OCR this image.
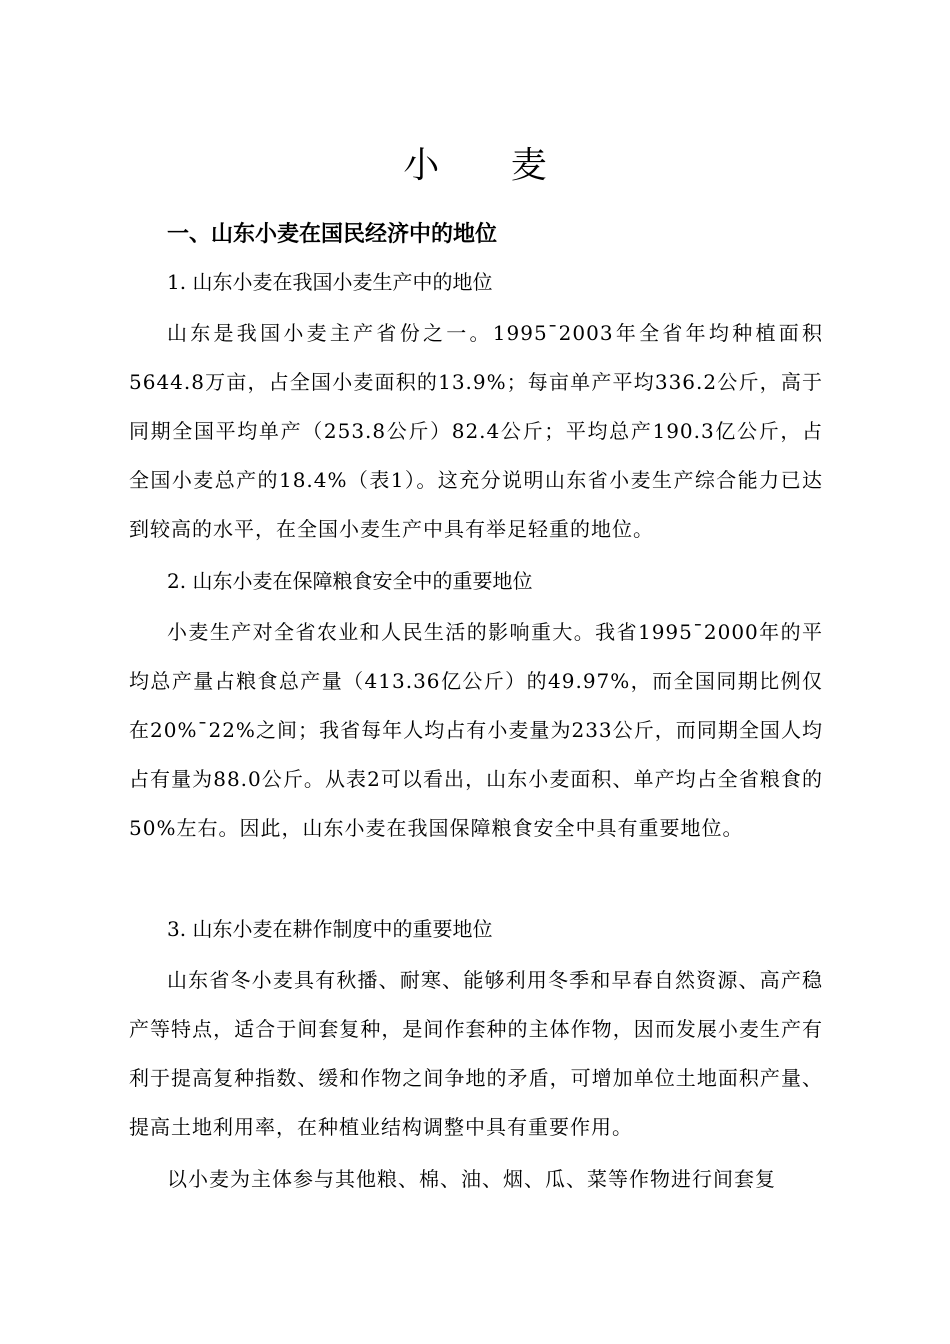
小 麦
一、山东小麦在国民经济中的地位
1. 山东小麦在我国小麦生产中的地位
山东是我国小麦主产省份之一。1995¯2003年全省年均种植面积5644.8万亩，占全国小麦面积的13.9%；每亩单产平均336.2公斤，高于同期全国平均单产（253.8公斤）82.4公斤；平均总产190.3亿公斤，占全国小麦总产的18.4%（表1）。这充分说明山东省小麦生产综合能力已达到较高的水平，在全国小麦生产中具有举足轻重的地位。
2. 山东小麦在保障粮食安全中的重要地位
小麦生产对全省农业和人民生活的影响重大。我省1995¯2000年的平均总产量占粮食总产量（413.36亿公斤）的49.97%，而全国同期比例仅在20%¯22%之间；我省每年人均占有小麦量为233公斤，而同期全国人均占有量为88.0公斤。从表2可以看出，山东小麦面积、单产均占全省粮食的50%左右。因此，山东小麦在我国保障粮食安全中具有重要地位。
3. 山东小麦在耕作制度中的重要地位
山东省冬小麦具有秋播、耐寒、能够利用冬季和早春自然资源、高产稳产等特点，适合于间套复种，是间作套种的主体作物，因而发展小麦生产有利于提高复种指数、缓和作物之间争地的矛盾，可增加单位土地面积产量、提高土地利用率，在种植业结构调整中具有重要作用。
以小麦为主体参与其他粮、棉、油、烟、瓜、菜等作物进行间套复
